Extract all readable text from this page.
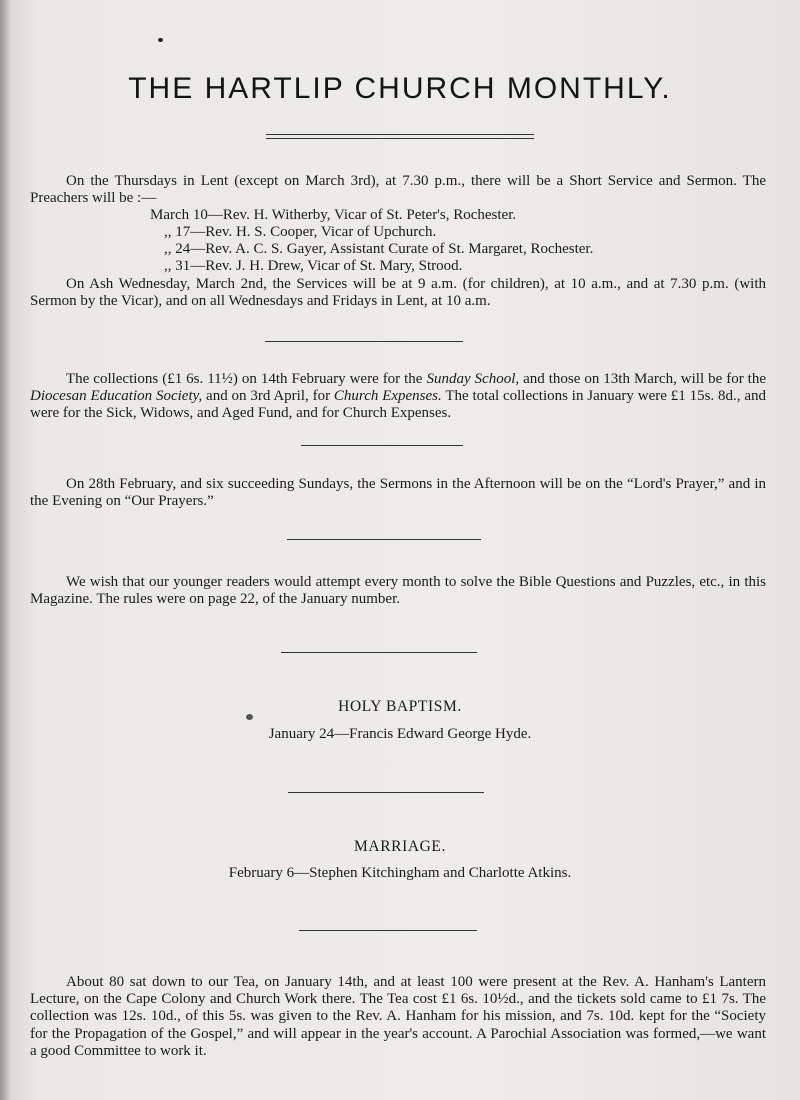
THE HARTLIP CHURCH MONTHLY.

On the Thursdays in Lent (except on March 3rd), at 7.30 p.m., there will be a Short Service and Sermon. The Preachers will be :—

March 10—Rev. H. Witherby, Vicar of St. Peter's, Rochester.
,, 17—Rev. H. S. Cooper, Vicar of Upchurch.
,, 24—Rev. A. C. S. Gayer, Assistant Curate of St. Margaret, Rochester.
,, 31—Rev. J. H. Drew, Vicar of St. Mary, Strood.

On Ash Wednesday, March 2nd, the Services will be at 9 a.m. (for children), at 10 a.m., and at 7.30 p.m. (with Sermon by the Vicar), and on all Wednesdays and Fridays in Lent, at 10 a.m.

The collections (£1 6s. 11½) on 14th February were for the Sunday School, and those on 13th March, will be for the Diocesan Education Society, and on 3rd April, for Church Expenses. The total collections in January were £1 15s. 8d., and were for the Sick, Widows, and Aged Fund, and for Church Expenses.

On 28th February, and six succeeding Sundays, the Sermons in the Afternoon will be on the “Lord's Prayer,” and in the Evening on “Our Prayers.”

We wish that our younger readers would attempt every month to solve the Bible Questions and Puzzles, etc., in this Magazine. The rules were on page 22, of the January number.

HOLY BAPTISM.
January 24—Francis Edward George Hyde.
MARRIAGE.
February 6—Stephen Kitchingham and Charlotte Atkins.

About 80 sat down to our Tea, on January 14th, and at least 100 were present at the Rev. A. Hanham's Lantern Lecture, on the Cape Colony and Church Work there. The Tea cost £1 6s. 10½d., and the tickets sold came to £1 7s. The collection was 12s. 10d., of this 5s. was given to the Rev. A. Hanham for his mission, and 7s. 10d. kept for the “Society for the Propagation of the Gospel,” and will appear in the year's account. A Parochial Association was formed,—we want a good Committee to work it.
